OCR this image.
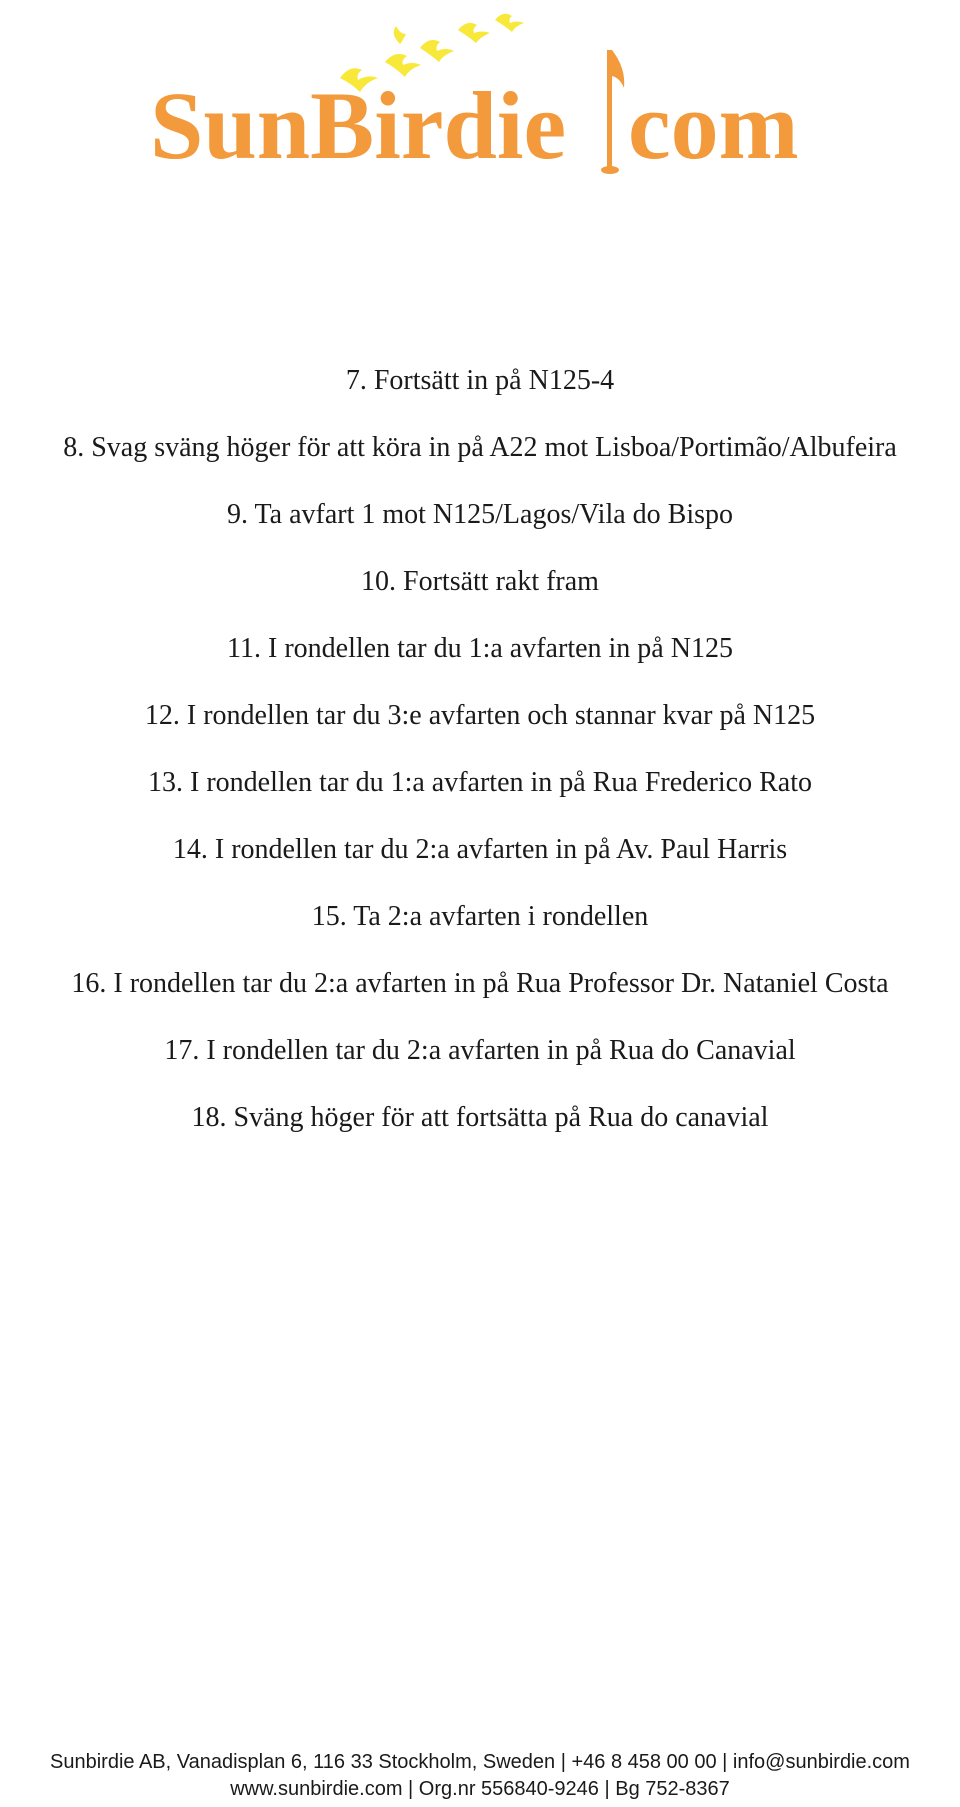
SunBirdie com
7. Fortsätt in på N125-4
8. Svag sväng höger för att köra in på A22 mot Lisboa/Portimão/Albufeira
9. Ta avfart 1 mot N125/Lagos/Vila do Bispo
10. Fortsätt rakt fram
11. I rondellen tar du 1:a avfarten in på N125
12. I rondellen tar du 3:e avfarten och stannar kvar på N125
13. I rondellen tar du 1:a avfarten in på Rua Frederico Rato
14. I rondellen tar du 2:a avfarten in på Av. Paul Harris
15. Ta 2:a avfarten i rondellen
16. I rondellen tar du 2:a avfarten in på Rua Professor Dr. Nataniel Costa
17. I rondellen tar du 2:a avfarten in på Rua do Canavial
18. Sväng höger för att fortsätta på Rua do canavial
Sunbirdie AB, Vanadisplan 6, 116 33 Stockholm, Sweden | +46 8 458 00 00 | info@sunbirdie.com
www.sunbirdie.com | Org.nr 556840-9246 | Bg 752-8367
